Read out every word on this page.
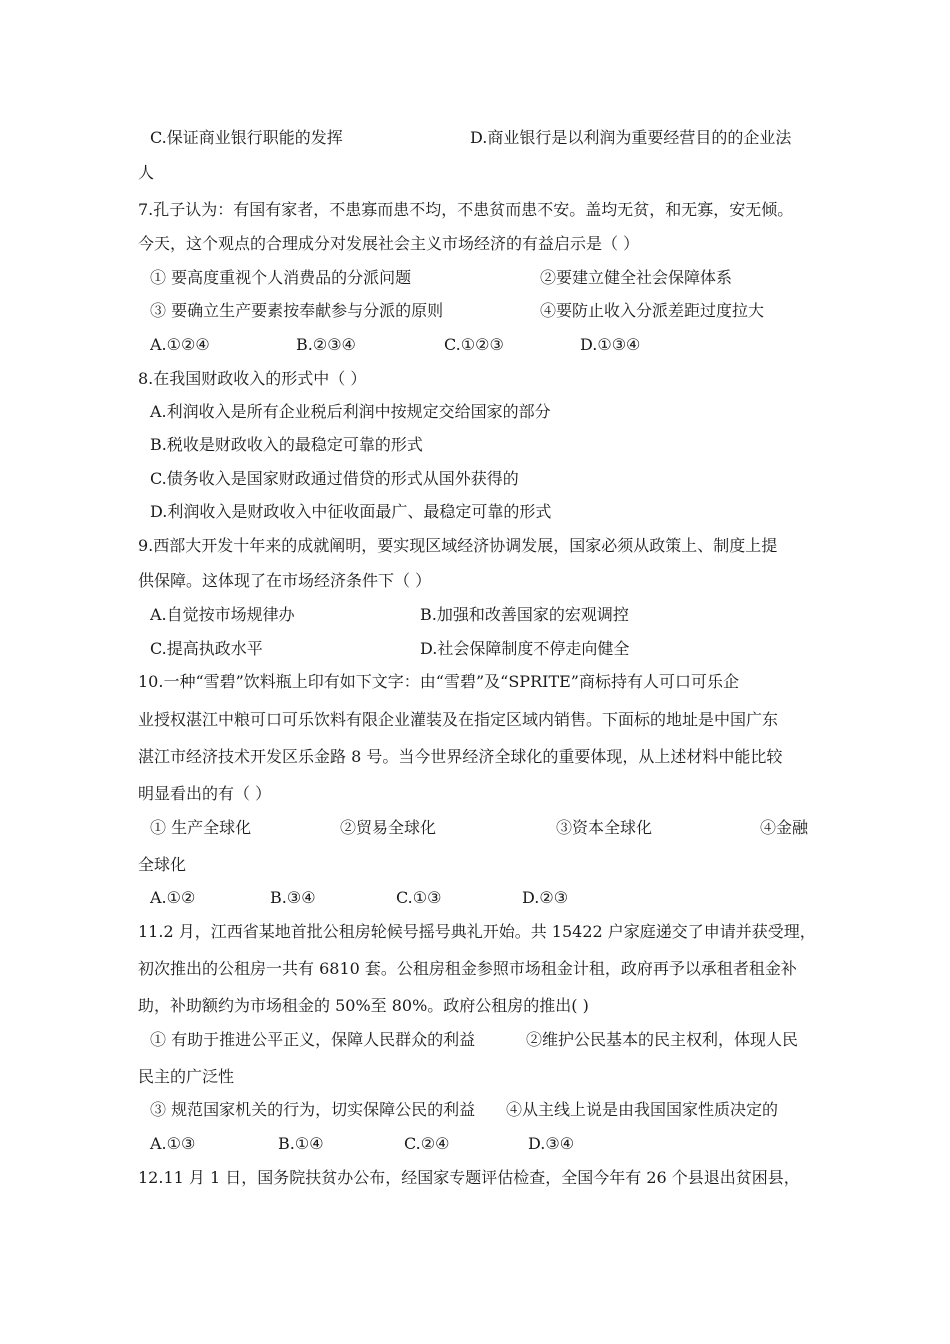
C.保证商业银行职能的发挥	D.商业银行是以利润为重要经营目的的企业法
人
7.孔子认为：有国有家者，不患寡而患不均，不患贫而患不安。盖均无贫，和无寡，安无倾。
今天，这个观点的合理成分对发展社会主义市场经济的有益启示是（ ）
① 要高度重视个人消费品的分派问题	②要建立健全社会保障体系
③ 要确立生产要素按奉献参与分派的原则	④要防止收入分派差距过度拉大
A.①②④	B.②③④	C.①②③	D.①③④
8.在我国财政收入的形式中（ ）
A.利润收入是所有企业税后利润中按规定交给国家的部分
B.税收是财政收入的最稳定可靠的形式
C.债务收入是国家财政通过借贷的形式从国外获得的
D.利润收入是财政收入中征收面最广、最稳定可靠的形式
9.西部大开发十年来的成就阐明，要实现区域经济协调发展，国家必须从政策上、制度上提
供保障。这体现了在市场经济条件下（ ）
A.自觉按市场规律办	B.加强和改善国家的宏观调控
C.提高执政水平	D.社会保障制度不停走向健全
10.一种“雪碧”饮料瓶上印有如下文字：由“雪碧”及“SPRITE”商标持有人可口可乐企
业授权湛江中粮可口可乐饮料有限企业灌装及在指定区域内销售。下面标的地址是中国广东
湛江市经济技术开发区乐金路 8 号。当今世界经济全球化的重要体现，从上述材料中能比较
明显看出的有（ ）
① 生产全球化	②贸易全球化	③资本全球化	④金融
全球化
A.①②	B.③④	C.①③	D.②③
11.2 月，江西省某地首批公租房轮候号摇号典礼开始。共 15422 户家庭递交了申请并获受理，
初次推出的公租房一共有 6810 套。公租房租金参照市场租金计租，政府再予以承租者租金补
助，补助额约为市场租金的 50%至 80%。政府公租房的推出( )
① 有助于推进公平正义，保障人民群众的利益	②维护公民基本的民主权利，体现人民
民主的广泛性
③ 规范国家机关的行为，切实保障公民的利益 ④从主线上说是由我国国家性质决定的
A.①③	B.①④	C.②④	D.③④
12.11 月 1 日，国务院扶贫办公布，经国家专题评估检查，全国今年有 26 个县退出贫困县，
